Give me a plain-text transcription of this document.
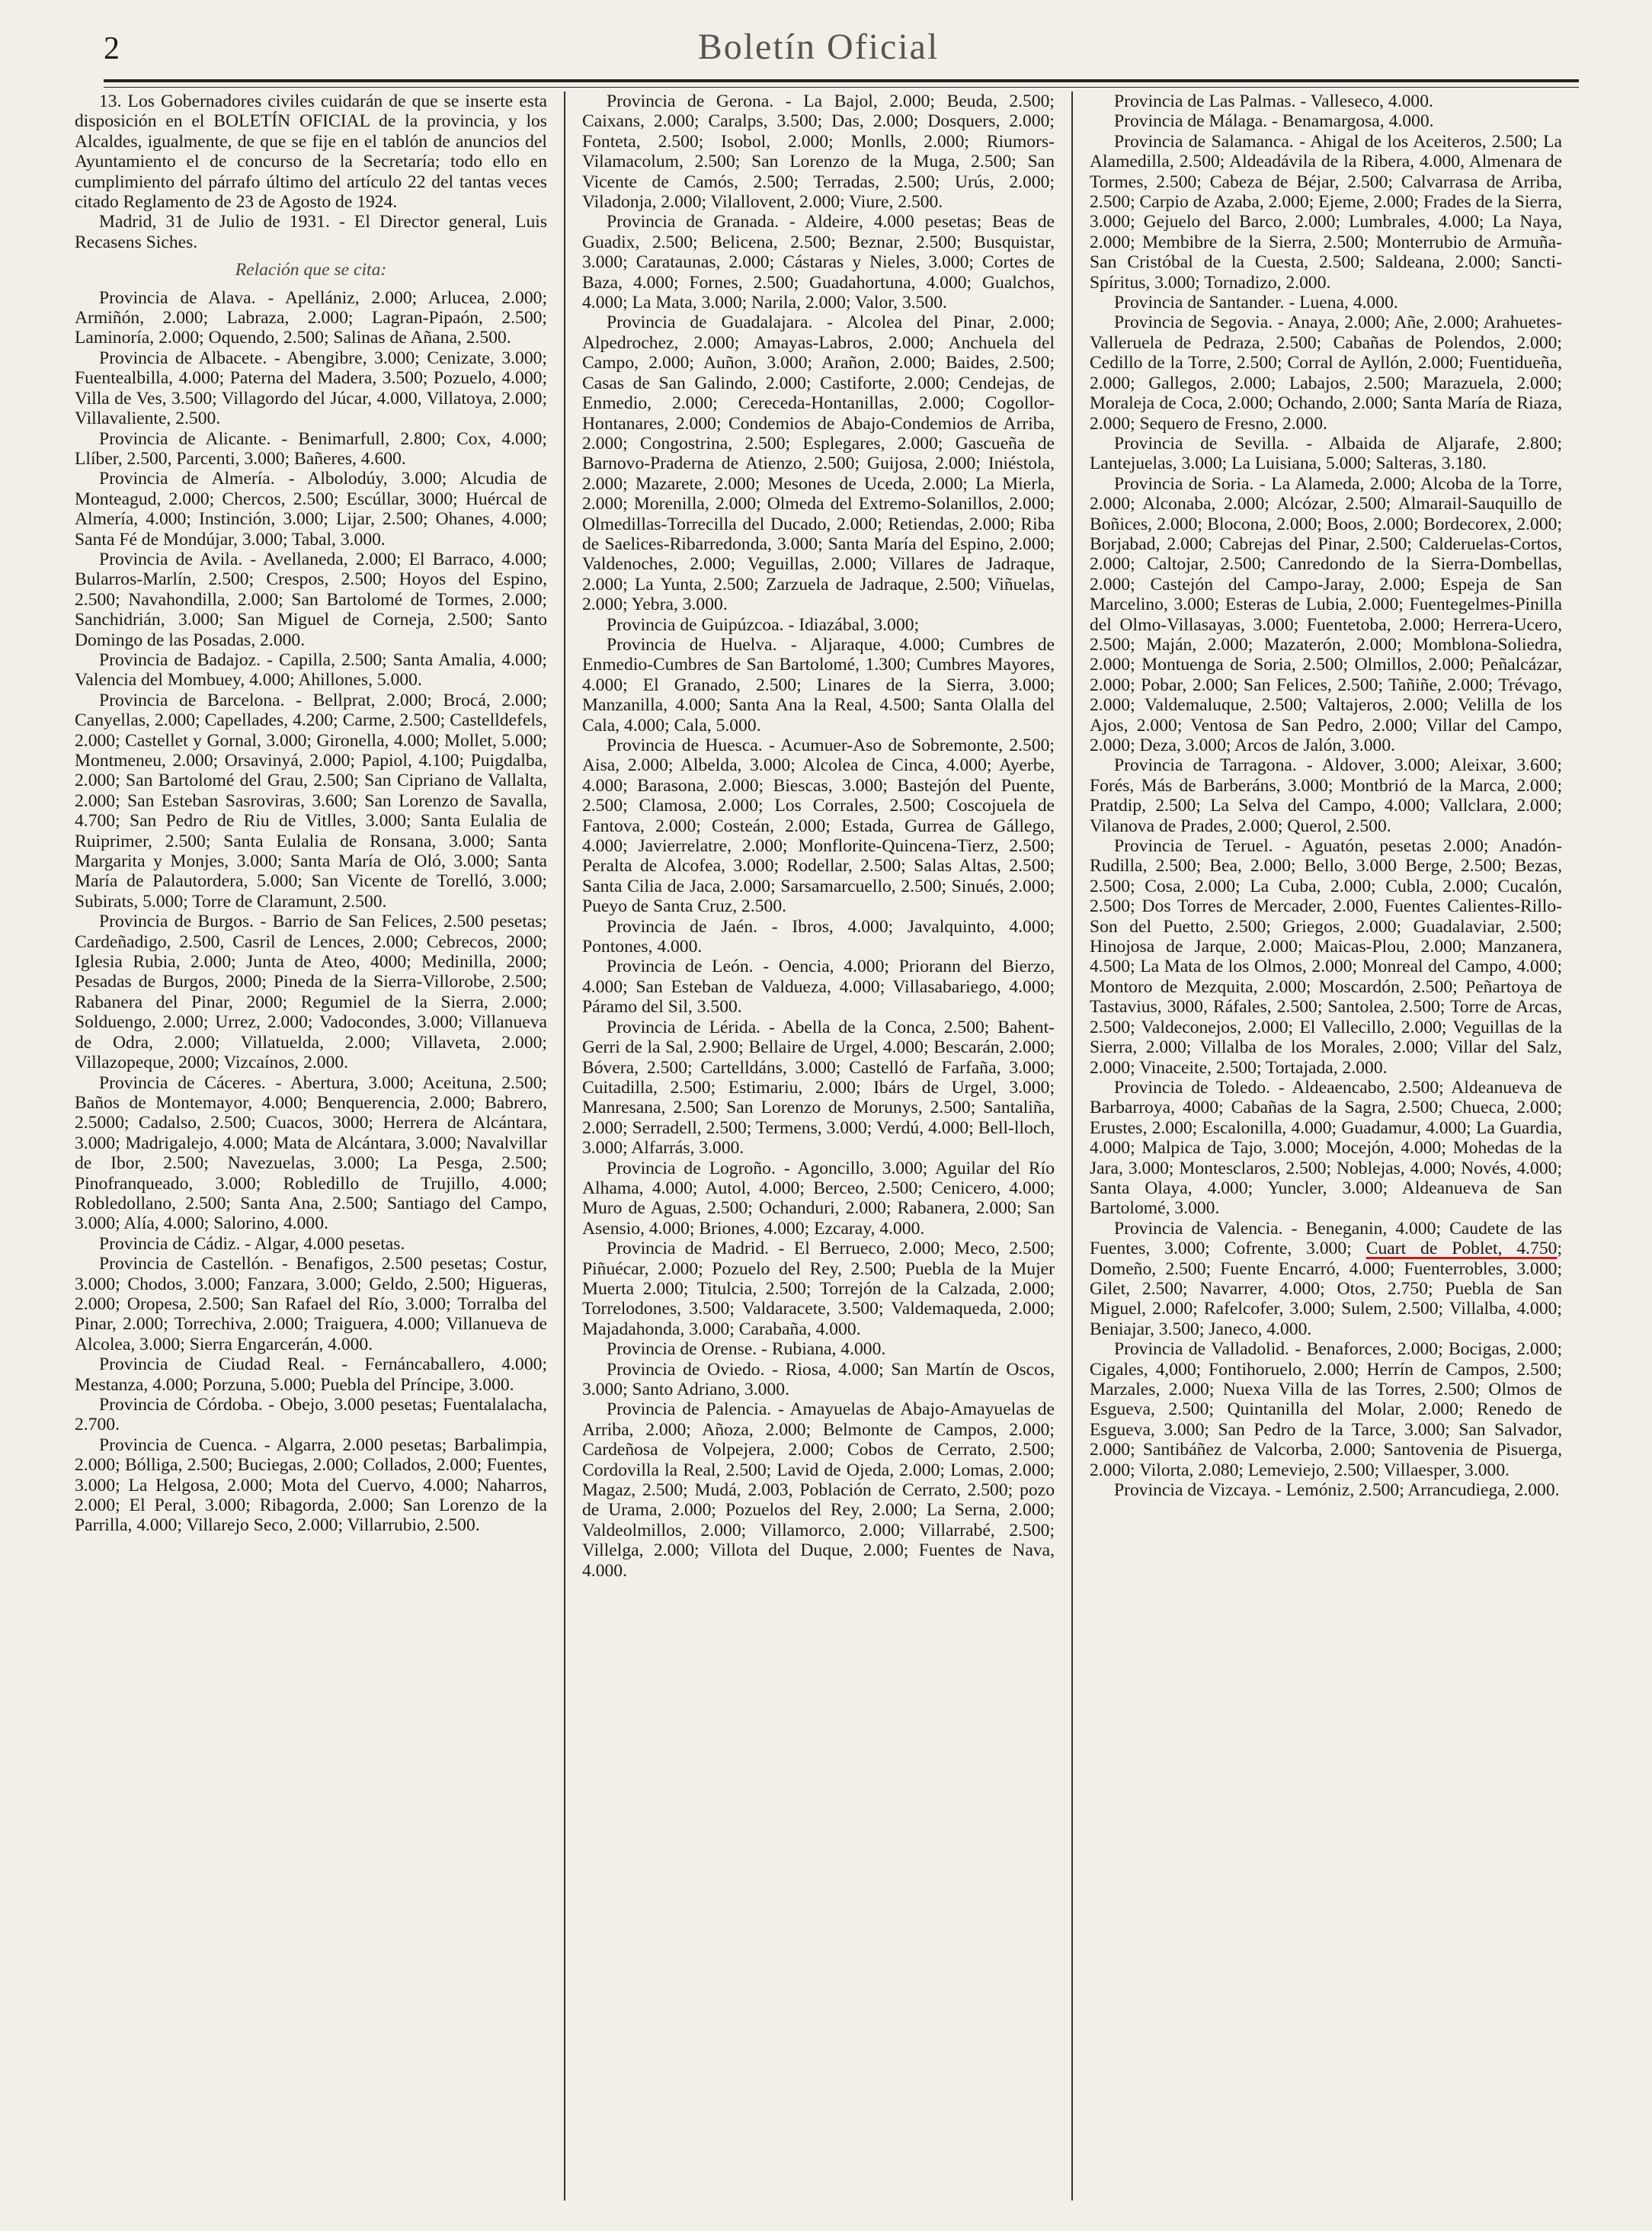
2	Boletín Oficial

13. Los Gobernadores civiles cuidarán de que se inserte esta disposición en el BOLETÍN OFICIAL de la provincia, y los Alcaldes, igualmente, de que se fije en el tablón de anuncios del Ayuntamiento el de concurso de la Secretaría; todo ello en cumplimiento del párrafo último del artículo 22 del tantas veces citado Reglamento de 23 de Agosto de 1924.

Madrid, 31 de Julio de 1931. - El Director general, Luis Recasens Siches.

Relación que se cita:

Provincia de Alava. - Apellániz, 2.000; Arlucea, 2.000; Armiñón, 2.000; Labraza, 2.000; Lagran-Pipaón, 2.500; Laminoría, 2.000; Oquendo, 2.500; Salinas de Añana, 2.500.

Provincia de Albacete. - Abengibre, 3.000; Cenizate, 3.000; Fuentealbilla, 4.000; Paterna del Madera, 3.500; Pozuelo, 4.000; Villa de Ves, 3.500; Villagordo del Júcar, 4.000, Villatoya, 2.000; Villavaliente, 2.500.

Provincia de Alicante. - Benimarfull, 2.800; Cox, 4.000; Llíber, 2.500, Parcenti, 3.000; Bañeres, 4.600.

Provincia de Almería. - Albolodúy, 3.000; Alcudia de Monteagud, 2.000; Chercos, 2.500; Escúllar, 3000; Huércal de Almería, 4.000; Instinción, 3.000; Lijar, 2.500; Ohanes, 4.000; Santa Fé de Mondújar, 3.000; Tabal, 3.000.

Provincia de Avila. - Avellaneda, 2.000; El Barraco, 4.000; Bularros-Marlín, 2.500; Crespos, 2.500; Hoyos del Espino, 2.500; Navahondilla, 2.000; San Bartolomé de Tormes, 2.000; Sanchidrián, 3.000; San Miguel de Corneja, 2.500; Santo Domingo de las Posadas, 2.000.

Provincia de Badajoz. - Capilla, 2.500; Santa Amalia, 4.000; Valencia del Mombuey, 4.000; Ahillones, 5.000.

Provincia de Barcelona. - Bellprat, 2.000; Brocá, 2.000; Canyellas, 2.000; Capellades, 4.200; Carme, 2.500; Castelldefels, 2.000; Castellet y Gornal, 3.000; Gironella, 4.000; Mollet, 5.000; Montmeneu, 2.000; Orsavinyá, 2.000; Papiol, 4.100; Puigdalba, 2.000; San Bartolomé del Grau, 2.500; San Cipriano de Vallalta, 2.000; San Esteban Sasroviras, 3.600; San Lorenzo de Savalla, 4.700; San Pedro de Riu de Vitlles, 3.000; Santa Eulalia de Ruiprimer, 2.500; Santa Eulalia de Ronsana, 3.000; Santa Margarita y Monjes, 3.000; Santa María de Oló, 3.000; Santa María de Palautordera, 5.000; San Vicente de Torelló, 3.000; Subirats, 5.000; Torre de Claramunt, 2.500.

Provincia de Burgos. - Barrio de San Felices, 2.500 pesetas; Cardeñadigo, 2.500, Casril de Lences, 2.000; Cebrecos, 2000; Iglesia Rubia, 2.000; Junta de Ateo, 4000; Medinilla, 2000; Pesadas de Burgos, 2000; Pineda de la Sierra-Villorobe, 2.500; Rabanera del Pinar, 2000; Regumiel de la Sierra, 2.000; Solduengo, 2.000; Urrez, 2.000; Vadocondes, 3.000; Villanueva de Odra, 2.000; Villatuelda, 2.000; Villaveta, 2.000; Villazopeque, 2000; Vizcaínos, 2.000.

Provincia de Cáceres. - Abertura, 3.000; Aceituna, 2.500; Baños de Montemayor, 4.000; Benquerencia, 2.000; Babrero, 2.5000; Cadalso, 2.500; Cuacos, 3000; Herrera de Alcántara, 3.000; Madrigalejo, 4.000; Mata de Alcántara, 3.000; Navalvillar de Ibor, 2.500; Navezuelas, 3.000; La Pesga, 2.500; Pinofranqueado, 3.000; Robledillo de Trujillo, 4.000; Robledollano, 2.500; Santa Ana, 2.500; Santiago del Campo, 3.000; Alía, 4.000; Salorino, 4.000.

Provincia de Cádiz. - Algar, 4.000 pesetas.

Provincia de Castellón. - Benafigos, 2.500 pesetas; Costur, 3.000; Chodos, 3.000; Fanzara, 3.000; Geldo, 2.500; Higueras, 2.000; Oropesa, 2.500; San Rafael del Río, 3.000; Torralba del Pinar, 2.000; Torrechiva, 2.000; Traiguera, 4.000; Villanueva de Alcolea, 3.000; Sierra Engarcerán, 4.000.

Provincia de Ciudad Real. - Fernáncaballero, 4.000; Mestanza, 4.000; Porzuna, 5.000; Puebla del Príncipe, 3.000.

Provincia de Córdoba. - Obejo, 3.000 pesetas; Fuentalalacha, 2.700.

Provincia de Cuenca. - Algarra, 2.000 pesetas; Barbalimpia, 2.000; Bólliga, 2.500; Buciegas, 2.000; Collados, 2.000; Fuentes, 3.000; La Helgosa, 2.000; Mota del Cuervo, 4.000; Naharros, 2.000; El Peral, 3.000; Ribagorda, 2.000; San Lorenzo de la Parrilla, 4.000; Villarejo Seco, 2.000; Villarrubio, 2.500.

Provincia de Gerona. - La Bajol, 2.000; Beuda, 2.500; Caixans, 2.000; Caralps, 3.500; Das, 2.000; Dosquers, 2.000; Fonteta, 2.500; Isobol, 2.000; Monlls, 2.000; Riumors-Vilamacolum, 2.500; San Lorenzo de la Muga, 2.500; San Vicente de Camós, 2.500; Terradas, 2.500; Urús, 2.000; Viladonja, 2.000; Vilallovent, 2.000; Viure, 2.500.

Provincia de Granada. - Aldeire, 4.000 pesetas; Beas de Guadix, 2.500; Belicena, 2.500; Beznar, 2.500; Busquistar, 3.000; Carataunas, 2.000; Cástaras y Nieles, 3.000; Cortes de Baza, 4.000; Fornes, 2.500; Guadahortuna, 4.000; Gualchos, 4.000; La Mata, 3.000; Narila, 2.000; Valor, 3.500.

Provincia de Guadalajara. - Alcolea del Pinar, 2.000; Alpedrochez, 2.000; Amayas-Labros, 2.000; Anchuela del Campo, 2.000; Auñon, 3.000; Arañon, 2.000; Baides, 2.500; Casas de San Galindo, 2.000; Castiforte, 2.000; Cendejas, de Enmedio, 2.000; Cereceda-Hontanillas, 2.000; Cogollor-Hontanares, 2.000; Condemios de Abajo-Condemios de Arriba, 2.000; Congostrina, 2.500; Esplegares, 2.000; Gascueña de Barnovo-Praderna de Atienzo, 2.500; Guijosa, 2.000; Iniéstola, 2.000; Mazarete, 2.000; Mesones de Uceda, 2.000; La Mierla, 2.000; Morenilla, 2.000; Olmeda del Extremo-Solanillos, 2.000; Olmedillas-Torrecilla del Ducado, 2.000; Retiendas, 2.000; Riba de Saelices-Ribarredonda, 3.000; Santa María del Espino, 2.000; Valdenoches, 2.000; Veguillas, 2.000; Villares de Jadraque, 2.000; La Yunta, 2.500; Zarzuela de Jadraque, 2.500; Viñuelas, 2.000; Yebra, 3.000.

Provincia de Guipúzcoa. - Idiazábal, 3.000;

Provincia de Huelva. - Aljaraque, 4.000; Cumbres de Enmedio-Cumbres de San Bartolomé, 1.300; Cumbres Mayores, 4.000; El Granado, 2.500; Linares de la Sierra, 3.000; Manzanilla, 4.000; Santa Ana la Real, 4.500; Santa Olalla del Cala, 4.000; Cala, 5.000.

Provincia de Huesca. - Acumuer-Aso de Sobremonte, 2.500; Aisa, 2.000; Albelda, 3.000; Alcolea de Cinca, 4.000; Ayerbe, 4.000; Barasona, 2.000; Biescas, 3.000; Bastejón del Puente, 2.500; Clamosa, 2.000; Los Corrales, 2.500; Coscojuela de Fantova, 2.000; Costeán, 2.000; Estada, Gurrea de Gállego, 4.000; Javierrelatre, 2.000; Monflorite-Quincena-Tierz, 2.500; Peralta de Alcofea, 3.000; Rodellar, 2.500; Salas Altas, 2.500; Santa Cilia de Jaca, 2.000; Sarsamarcuello, 2.500; Sinués, 2.000; Pueyo de Santa Cruz, 2.500.

Provincia de Jaén. - Ibros, 4.000; Javalquinto, 4.000; Pontones, 4.000.

Provincia de León. - Oencia, 4.000; Priorann del Bierzo, 4.000; San Esteban de Valdueza, 4.000; Villasabariego, 4.000; Páramo del Sil, 3.500.

Provincia de Lérida. - Abella de la Conca, 2.500; Bahent-Gerri de la Sal, 2.900; Bellaire de Urgel, 4.000; Bescarán, 2.000; Bóvera, 2.500; Cartelldáns, 3.000; Castelló de Farfaña, 3.000; Cuitadilla, 2.500; Estimariu, 2.000; Ibárs de Urgel, 3.000; Manresana, 2.500; San Lorenzo de Morunys, 2.500; Santaliña, 2.000; Serradell, 2.500; Termens, 3.000; Verdú, 4.000; Bell-lloch, 3.000; Alfarrás, 3.000.

Provincia de Logroño. - Agoncillo, 3.000; Aguilar del Río Alhama, 4.000; Autol, 4.000; Berceo, 2.500; Cenicero, 4.000; Muro de Aguas, 2.500; Ochanduri, 2.000; Rabanera, 2.000; San Asensio, 4.000; Briones, 4.000; Ezcaray, 4.000.

Provincia de Madrid. - El Berrueco, 2.000; Meco, 2.500; Piñuécar, 2.000; Pozuelo del Rey, 2.500; Puebla de la Mujer Muerta 2.000; Titulcia, 2.500; Torrejón de la Calzada, 2.000; Torrelodones, 3.500; Valdaracete, 3.500; Valdemaqueda, 2.000; Majadahonda, 3.000; Carabaña, 4.000.

Provincia de Orense. - Rubiana, 4.000.

Provincia de Oviedo. - Riosa, 4.000; San Martín de Oscos, 3.000; Santo Adriano, 3.000.

Provincia de Palencia. - Amayuelas de Abajo-Amayuelas de Arriba, 2.000; Añoza, 2.000; Belmonte de Campos, 2.000; Cardeñosa de Volpejera, 2.000; Cobos de Cerrato, 2.500; Cordovilla la Real, 2.500; Lavid de Ojeda, 2.000; Lomas, 2.000; Magaz, 2.500; Mudá, 2.003, Población de Cerrato, 2.500; pozo de Urama, 2.000; Pozuelos del Rey, 2.000; La Serna, 2.000; Valdeolmillos, 2.000; Villamorco, 2.000; Villarrabé, 2.500; Villelga, 2.000; Villota del Duque, 2.000; Fuentes de Nava, 4.000.

Provincia de Las Palmas. - Valleseco, 4.000.

Provincia de Málaga. - Benamargosa, 4.000.

Provincia de Salamanca. - Ahigal de los Aceiteros, 2.500; La Alamedilla, 2.500; Aldeadávila de la Ribera, 4.000, Almenara de Tormes, 2.500; Cabeza de Béjar, 2.500; Calvarrasa de Arriba, 2.500; Carpio de Azaba, 2.000; Ejeme, 2.000; Frades de la Sierra, 3.000; Gejuelo del Barco, 2.000; Lumbrales, 4.000; La Naya, 2.000; Membibre de la Sierra, 2.500; Monterrubio de Armuña-San Cristóbal de la Cuesta, 2.500; Saldeana, 2.000; Sancti-Spíritus, 3.000; Tornadizo, 2.000.

Provincia de Santander. - Luena, 4.000.

Provincia de Segovia. - Anaya, 2.000; Añe, 2.000; Arahuetes-Valleruela de Pedraza, 2.500; Cabañas de Polendos, 2.000; Cedillo de la Torre, 2.500; Corral de Ayllón, 2.000; Fuentidueña, 2.000; Gallegos, 2.000; Labajos, 2.500; Marazuela, 2.000; Moraleja de Coca, 2.000; Ochando, 2.000; Santa María de Riaza, 2.000; Sequero de Fresno, 2.000.

Provincia de Sevilla. - Albaida de Aljarafe, 2.800; Lantejuelas, 3.000; La Luisiana, 5.000; Salteras, 3.180.

Provincia de Soria. - La Alameda, 2.000; Alcoba de la Torre, 2.000; Alconaba, 2.000; Alcózar, 2.500; Almarail-Sauquillo de Boñices, 2.000; Blocona, 2.000; Boos, 2.000; Bordecorex, 2.000; Borjabad, 2.000; Cabrejas del Pinar, 2.500; Calderuelas-Cortos, 2.000; Caltojar, 2.500; Canredondo de la Sierra-Dombellas, 2.000; Castejón del Campo-Jaray, 2.000; Espeja de San Marcelino, 3.000; Esteras de Lubia, 2.000; Fuentegelmes-Pinilla del Olmo-Villasayas, 3.000; Fuentetoba, 2.000; Herrera-Ucero, 2.500; Maján, 2.000; Mazaterón, 2.000; Momblona-Soliedra, 2.000; Montuenga de Soria, 2.500; Olmillos, 2.000; Peñalcázar, 2.000; Pobar, 2.000; San Felices, 2.500; Tañiñe, 2.000; Trévago, 2.000; Valdemaluque, 2.500; Valtajeros, 2.000; Velilla de los Ajos, 2.000; Ventosa de San Pedro, 2.000; Villar del Campo, 2.000; Deza, 3.000; Arcos de Jalón, 3.000.

Provincia de Tarragona. - Aldover, 3.000; Aleixar, 3.600; Forés, Más de Barberáns, 3.000; Montbrió de la Marca, 2.000; Pratdip, 2.500; La Selva del Campo, 4.000; Vallclara, 2.000; Vilanova de Prades, 2.000; Querol, 2.500.

Provincia de Teruel. - Aguatón, pesetas 2.000; Anadón-Rudilla, 2.500; Bea, 2.000; Bello, 3.000 Berge, 2.500; Bezas, 2.500; Cosa, 2.000; La Cuba, 2.000; Cubla, 2.000; Cucalón, 2.500; Dos Torres de Mercader, 2.000, Fuentes Calientes-Rillo-Son del Puetto, 2.500; Griegos, 2.000; Guadalaviar, 2.500; Hinojosa de Jarque, 2.000; Maicas-Plou, 2.000; Manzanera, 4.500; La Mata de los Olmos, 2.000; Monreal del Campo, 4.000; Montoro de Mezquita, 2.000; Moscardón, 2.500; Peñartoya de Tastavius, 3000, Ráfales, 2.500; Santolea, 2.500; Torre de Arcas, 2.500; Valdeconejos, 2.000; El Vallecillo, 2.000; Veguillas de la Sierra, 2.000; Villalba de los Morales, 2.000; Villar del Salz, 2.000; Vinaceite, 2.500; Tortajada, 2.000.

Provincia de Toledo. - Aldeaencabo, 2.500; Aldeanueva de Barbarroya, 4000; Cabañas de la Sagra, 2.500; Chueca, 2.000; Erustes, 2.000; Escalonilla, 4.000; Guadamur, 4.000; La Guardia, 4.000; Malpica de Tajo, 3.000; Mocejón, 4.000; Mohedas de la Jara, 3.000; Montesclaros, 2.500; Noblejas, 4.000; Novés, 4.000; Santa Olaya, 4.000; Yuncler, 3.000; Aldeanueva de San Bartolomé, 3.000.

Provincia de Valencia. - Beneganin, 4.000; Caudete de las Fuentes, 3.000; Cofrente, 3.000; Cuart de Poblet, 4.750; Domeño, 2.500; Fuente Encarró, 4.000; Fuenterrobles, 3.000; Gilet, 2.500; Navarrer, 4.000; Otos, 2.750; Puebla de San Miguel, 2.000; Rafelcofer, 3.000; Sulem, 2.500; Villalba, 4.000; Beniajar, 3.500; Janeco, 4.000.

Provincia de Valladolid. - Benaforces, 2.000; Bocigas, 2.000; Cigales, 4,000; Fontihoruelo, 2.000; Herrín de Campos, 2.500; Marzales, 2.000; Nuexa Villa de las Torres, 2.500; Olmos de Esgueva, 2.500; Quintanilla del Molar, 2.000; Renedo de Esgueva, 3.000; San Pedro de la Tarce, 3.000; San Salvador, 2.000; Santibáñez de Valcorba, 2.000; Santovenia de Pisuerga, 2.000; Vilorta, 2.080; Lemeviejo, 2.500; Villaesper, 3.000.

Provincia de Vizcaya. - Lemóniz, 2.500; Arrancudiega, 2.000.
